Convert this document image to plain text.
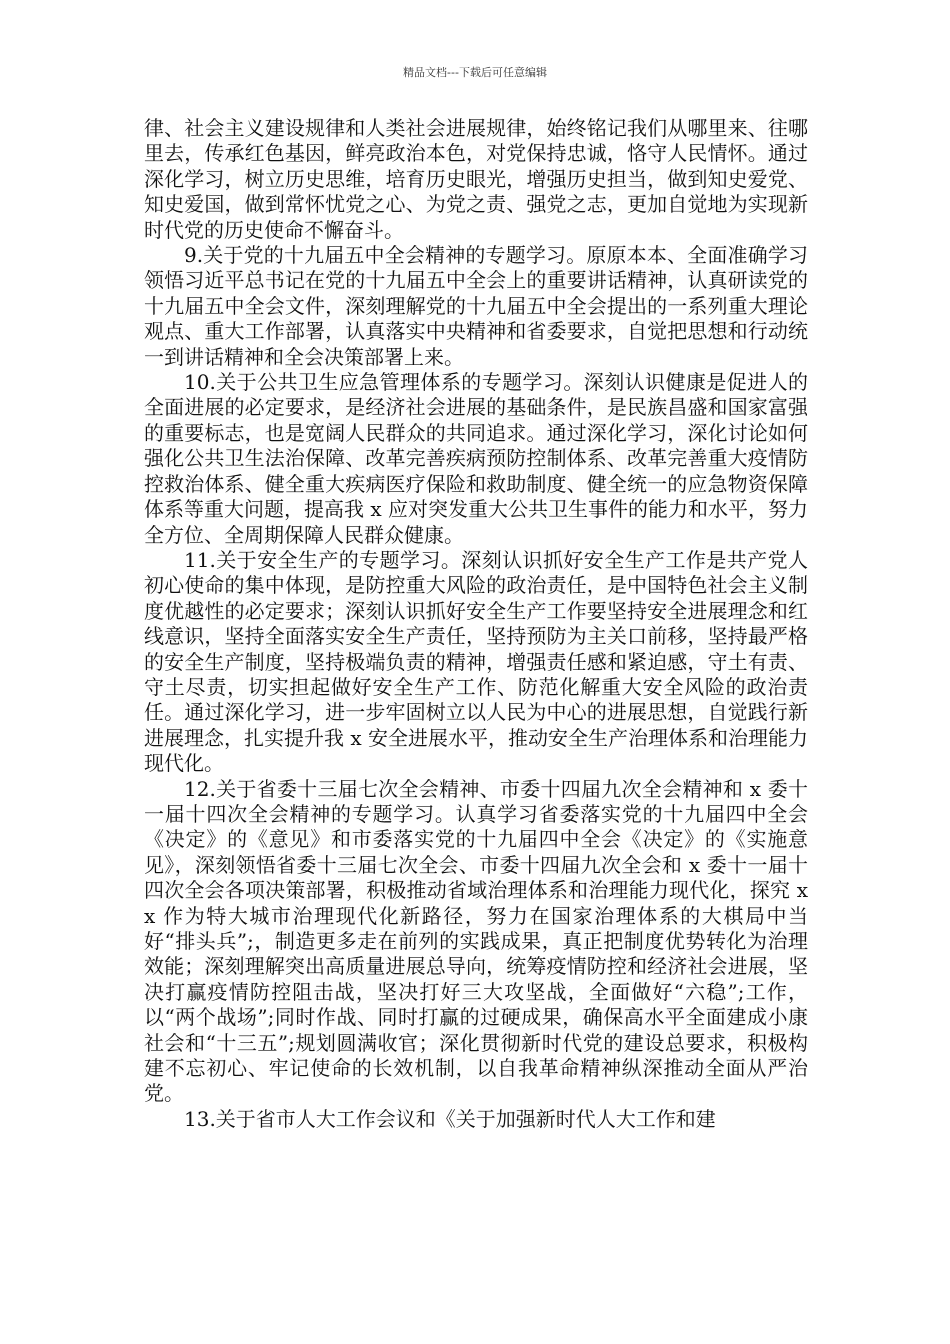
精品文档---下载后可任意编辑

律、社会主义建设规律和人类社会进展规律，始终铭记我们从哪里来、往哪里去，传承红色基因，鲜亮政治本色，对党保持忠诚，恪守人民情怀。通过深化学习，树立历史思维，培育历史眼光，增强历史担当，做到知史爱党、知史爱国，做到常怀忧党之心、为党之责、强党之志，更加自觉地为实现新时代党的历史使命不懈奋斗。

9.关于党的十九届五中全会精神的专题学习。原原本本、全面准确学习领悟习近平总书记在党的十九届五中全会上的重要讲话精神，认真研读党的十九届五中全会文件，深刻理解党的十九届五中全会提出的一系列重大理论观点、重大工作部署，认真落实中央精神和省委要求，自觉把思想和行动统一到讲话精神和全会决策部署上来。

10.关于公共卫生应急管理体系的专题学习。深刻认识健康是促进人的全面进展的必定要求，是经济社会进展的基础条件，是民族昌盛和国家富强的重要标志，也是宽阔人民群众的共同追求。通过深化学习，深化讨论如何强化公共卫生法治保障、改革完善疾病预防控制体系、改革完善重大疫情防控救治体系、健全重大疾病医疗保险和救助制度、健全统一的应急物资保障体系等重大问题，提高我 x 应对突发重大公共卫生事件的能力和水平，努力全方位、全周期保障人民群众健康。

11.关于安全生产的专题学习。深刻认识抓好安全生产工作是共产党人初心使命的集中体现，是防控重大风险的政治责任，是中国特色社会主义制度优越性的必定要求；深刻认识抓好安全生产工作要坚持安全进展理念和红线意识，坚持全面落实安全生产责任，坚持预防为主关口前移，坚持最严格的安全生产制度，坚持极端负责的精神，增强责任感和紧迫感，守土有责、守土尽责，切实担起做好安全生产工作、防范化解重大安全风险的政治责任。通过深化学习，进一步牢固树立以人民为中心的进展思想，自觉践行新进展理念，扎实提升我 x 安全进展水平，推动安全生产治理体系和治理能力现代化。

12.关于省委十三届七次全会精神、市委十四届九次全会精神和 x 委十一届十四次全会精神的专题学习。认真学习省委落实党的十九届四中全会《决定》的《意见》和市委落实党的十九届四中全会《决定》的《实施意见》，深刻领悟省委十三届七次全会、市委十四届九次全会和 x 委十一届十四次全会各项决策部署，积极推动省域治理体系和治理能力现代化，探究 xx 作为特大城市治理现代化新路径，努力在国家治理体系的大棋局中当好“排头兵”;，制造更多走在前列的实践成果，真正把制度优势转化为治理效能；深刻理解突出高质量进展总导向，统筹疫情防控和经济社会进展，坚决打赢疫情防控阻击战，坚决打好三大攻坚战，全面做好“六稳”;工作，以“两个战场”;同时作战、同时打赢的过硬成果，确保高水平全面建成小康社会和“十三五”;规划圆满收官；深化贯彻新时代党的建设总要求，积极构建不忘初心、牢记使命的长效机制，以自我革命精神纵深推动全面从严治党。

13.关于省市人大工作会议和《关于加强新时代人大工作和建
